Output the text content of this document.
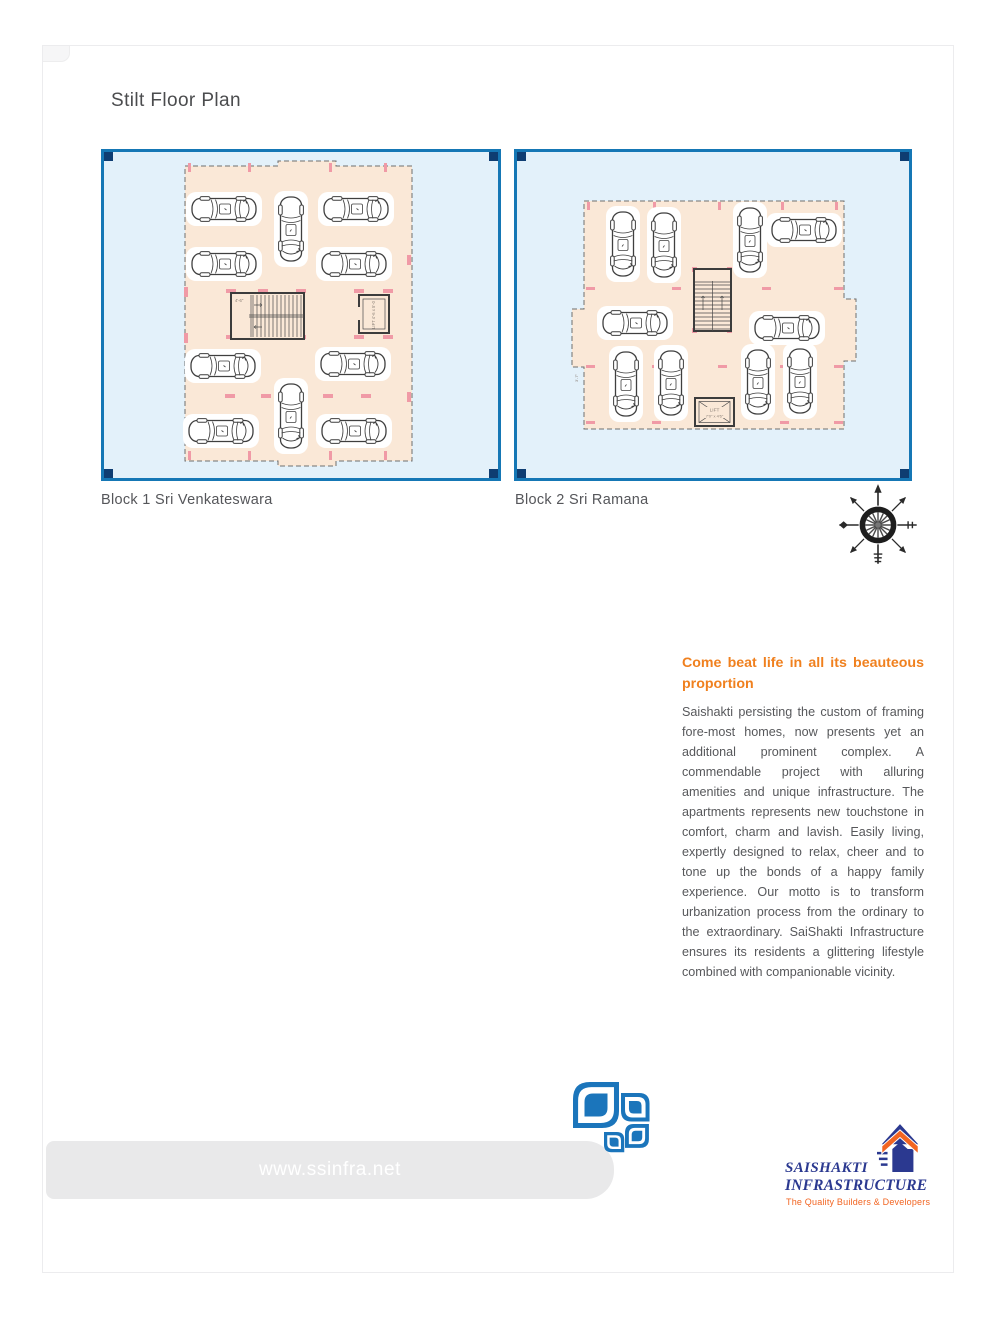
Stilt Floor Plan
4'-6"
LIFT 4'-6 x 5'-0
LIFT
7'0" x 4'6"
3'-7"
Block 1 Sri Venkateswara	Block 2 Sri Ramana
Come beat life in all its beauteous
proportion
Saishakti persisting the custom of framing fore-most homes, now presents yet an additional prominent complex. A commendable project with alluring amenities and unique infrastructure. The apartments represents new touchstone in comfort, charm and lavish. Easily living, expertly designed to relax, cheer and to tone up the bonds of a happy family experience. Our motto is to transform urbanization process from the ordinary to the extraordinary. SaiShakti Infrastructure ensures its residents a glittering lifestyle combined with companionable vicinity.
www.ssinfra.net	SAISHAKTI
INFRASTRUCTURE
The Quality Builders & Developers
